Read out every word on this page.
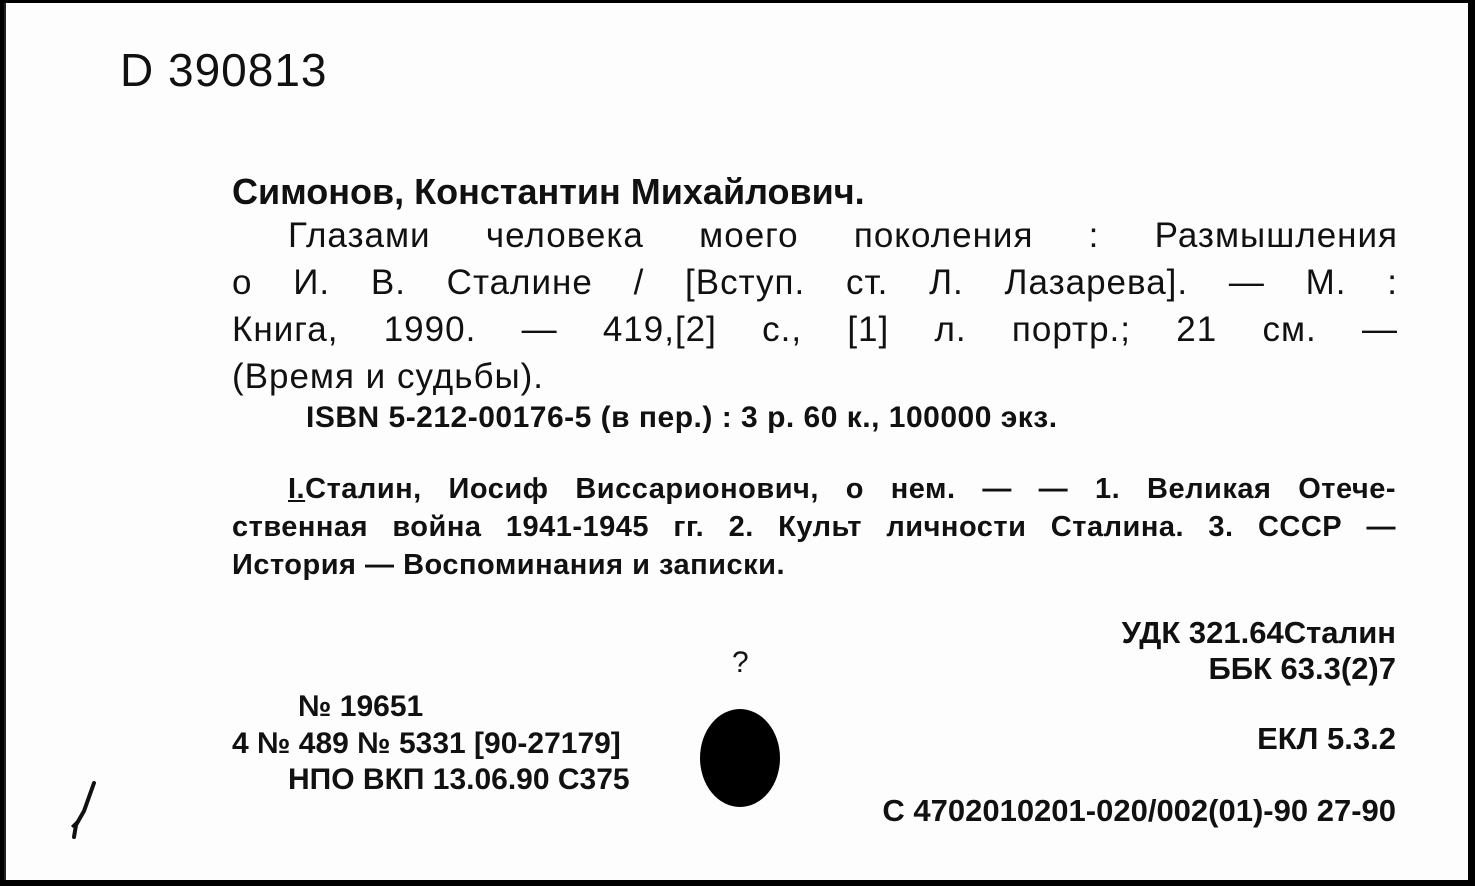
D 390813
Симонов, Константин Михайлович.
Глазами человека моего поколения : Размышления
о И. В. Сталине / [Вступ. ст. Л. Лазарева]. — М. :
Книга, 1990. — 419,[2] с., [1] л. портр.; 21 см. —
(Время и судьбы).
ISBN 5-212-00176-5 (в пер.) : 3 р. 60 к., 100000 экз.
I.Сталин, Иосиф Виссарионович, о нем. — — 1. Великая Отече-
ственная война 1941-1945 гг. 2. Культ личности Сталина. 3. СССР —
История — Воспоминания и записки.
УДК 321.64Сталин
ББК 63.3(2)7
ЕКЛ 5.3.2
С 4702010201-020/002(01)-90 27-90
№ 19651
4 № 489 № 5331 [90-27179]
НПО ВКП 13.06.90 С375
?
